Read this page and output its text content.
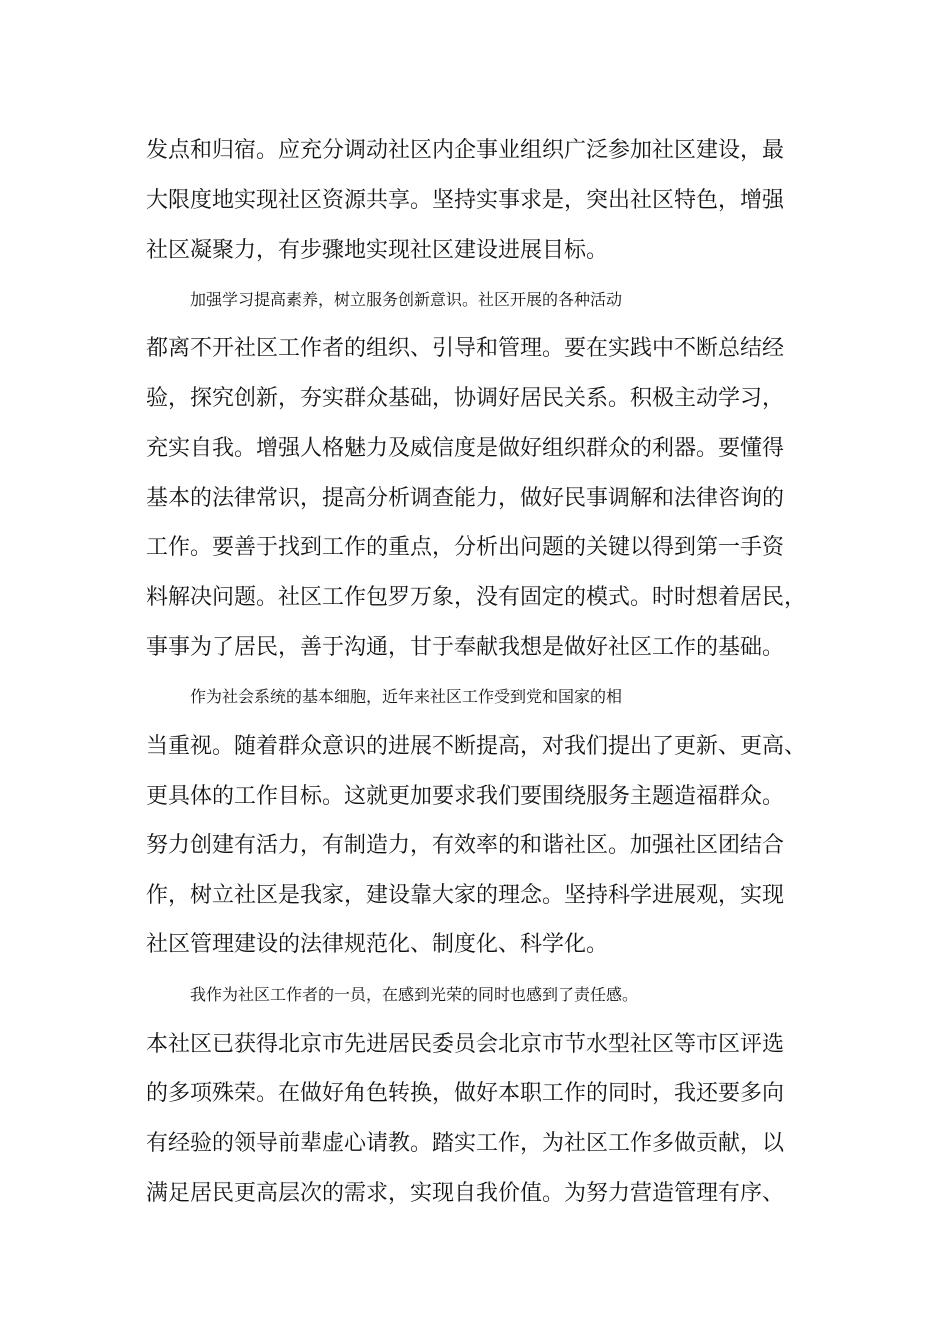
发点和归宿。应充分调动社区内企事业组织广泛参加社区建设，最
大限度地实现社区资源共享。坚持实事求是，突出社区特色，增强
社区凝聚力，有步骤地实现社区建设进展目标。
加强学习提高素养，树立服务创新意识。社区开展的各种活动
都离不开社区工作者的组织、引导和管理。要在实践中不断总结经
验，探究创新，夯实群众基础，协调好居民关系。积极主动学习，
充实自我。增强人格魅力及威信度是做好组织群众的利器。要懂得
基本的法律常识，提高分析调查能力，做好民事调解和法律咨询的
工作。要善于找到工作的重点，分析出问题的关键以得到第一手资
料解决问题。社区工作包罗万象，没有固定的模式。时时想着居民，
事事为了居民，善于沟通，甘于奉献我想是做好社区工作的基础。
作为社会系统的基本细胞，近年来社区工作受到党和国家的相
当重视。随着群众意识的进展不断提高，对我们提出了更新、更高、
更具体的工作目标。这就更加要求我们要围绕服务主题造福群众。
努力创建有活力，有制造力，有效率的和谐社区。加强社区团结合
作，树立社区是我家，建设靠大家的理念。坚持科学进展观，实现
社区管理建设的法律规范化、制度化、科学化。
我作为社区工作者的一员，在感到光荣的同时也感到了责任感。
本社区已获得北京市先进居民委员会北京市节水型社区等市区评选
的多项殊荣。在做好角色转换，做好本职工作的同时，我还要多向
有经验的领导前辈虚心请教。踏实工作，为社区工作多做贡献，以
满足居民更高层次的需求，实现自我价值。为努力营造管理有序、
